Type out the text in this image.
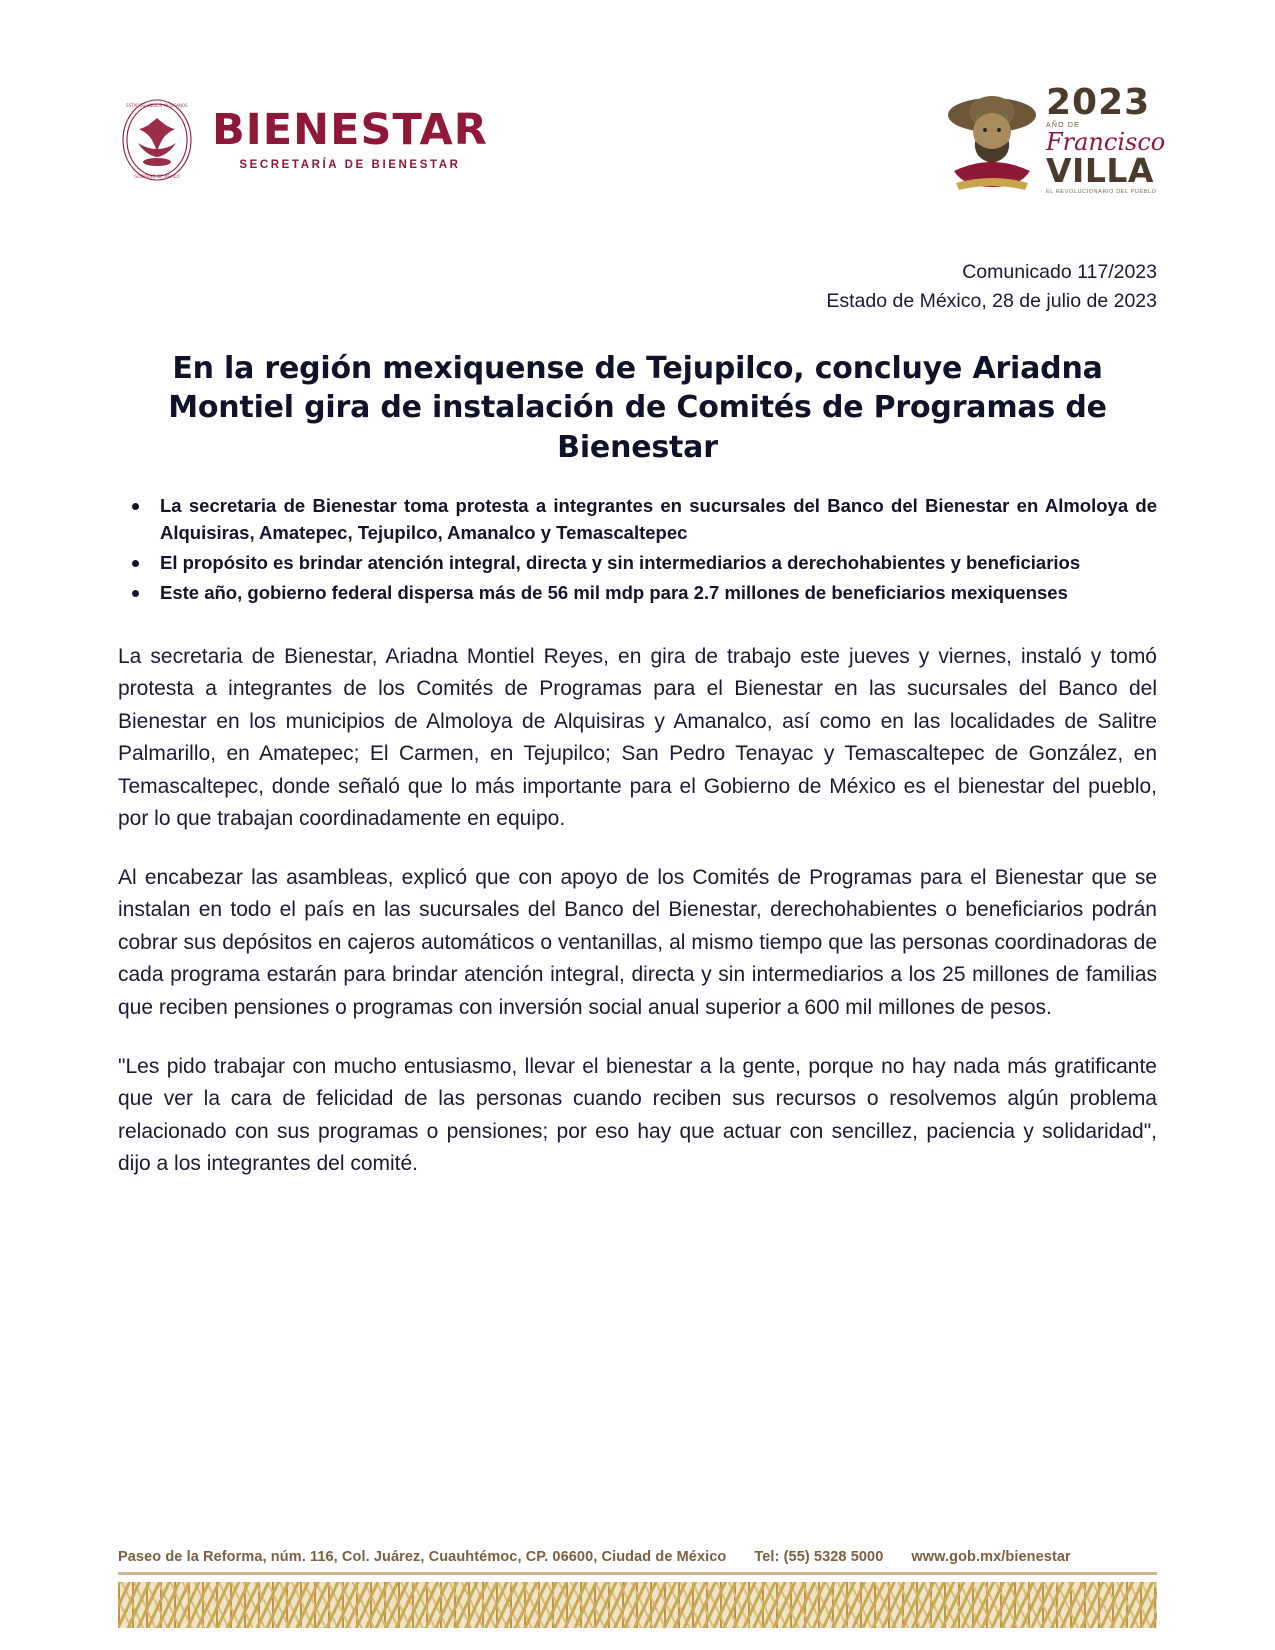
ESTADOS UNIDOS MEXICANOS
GOBIERNO DE MÉXICO
BIENESTAR
SECRETARÍA DE BIENESTAR
2023
AÑO DE
Francisco
VILLA
EL REVOLUCIONARIO DEL PUEBLO
Comunicado 117/2023
Estado de México, 28 de julio de 2023
En la región mexiquense de Tejupilco, concluye Ariadna Montiel gira de instalación de Comités de Programas de Bienestar
La secretaria de Bienestar toma protesta a integrantes en sucursales del Banco del Bienestar en Almoloya de Alquisiras, Amatepec, Tejupilco, Amanalco y Temascaltepec
El propósito es brindar atención integral, directa y sin intermediarios a derechohabientes y beneficiarios
Este año, gobierno federal dispersa más de 56 mil mdp para 2.7 millones de beneficiarios mexiquenses

La secretaria de Bienestar, Ariadna Montiel Reyes, en gira de trabajo este jueves y viernes, instaló y tomó protesta a integrantes de los Comités de Programas para el Bienestar en las sucursales del Banco del Bienestar en los municipios de Almoloya de Alquisiras y Amanalco, así como en las localidades de Salitre Palmarillo, en Amatepec; El Carmen, en Tejupilco; San Pedro Tenayac y Temascaltepec de González, en Temascaltepec, donde señaló que lo más importante para el Gobierno de México es el bienestar del pueblo, por lo que trabajan coordinadamente en equipo.

Al encabezar las asambleas, explicó que con apoyo de los Comités de Programas para el Bienestar que se instalan en todo el país en las sucursales del Banco del Bienestar, derechohabientes o beneficiarios podrán cobrar sus depósitos en cajeros automáticos o ventanillas, al mismo tiempo que las personas coordinadoras de cada programa estarán para brindar atención integral, directa y sin intermediarios a los 25 millones de familias que reciben pensiones o programas con inversión social anual superior a 600 mil millones de pesos.

"Les pido trabajar con mucho entusiasmo, llevar el bienestar a la gente, porque no hay nada más gratificante que ver la cara de felicidad de las personas cuando reciben sus recursos o resolvemos algún problema relacionado con sus programas o pensiones; por eso hay que actuar con sencillez, paciencia y solidaridad", dijo a los integrantes del comité.

Paseo de la Reforma, núm. 116, Col. Juárez, Cuauhtémoc, CP. 06600, Ciudad de México Tel: (55) 5328 5000 www.gob.mx/bienestar
